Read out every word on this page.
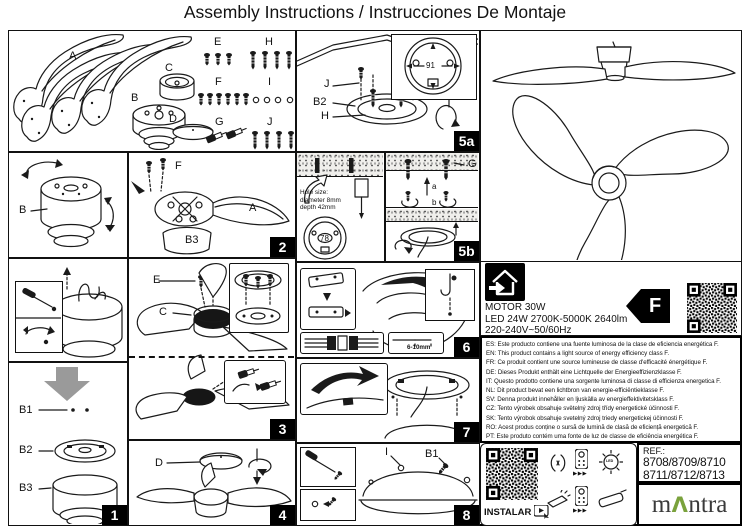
Assembly Instructions / Instrucciones De Montaje
A
B
C
D
E
F
G
H
I
J
91
J
B2
H
5a
B
B1
B2
B3
1
F
A
B3	2
E
C
3
D
4
Hole size:
diameter 8mm
depth 42mm
78
G
a
b
5b
6-10mm	6
7
I	B1
8
MOTOR 30W
LED 24W 2700K-5000K 2640lm
220-240V~50/60Hz
F
ES: Este producto contiene una fuente luminosa de la clase de eficiencia energética F.
EN: This product contains a light source of energy efficiency class F.
FR: Ce produit contient une source lumineuse de classe d'efficacité énergétique F.
DE: Dieses Produkt enthält eine Lichtquelle der Energieeffizienzklasse F.
IT: Questo prodotto contiene una sorgente luminosa di classe di efficienza energetica F.
NL: Dit product bevat een lichtbron van energie-efficiëntieklasse F.
SV: Denna produkt innehåller en ljuskälla av energieffektivitetsklass F.
CZ: Tento výrobek obsahuje světelný zdroj třídy energetické účinnosti F.
SK: Tento výrobok obsahuje svetelný zdroj triedy energetickej účinnosti F.
RO: Acest produs conține o sursă de lumină de clasă de eficiență energetică F.
PT: Este produto contém uma fonte de luz de classe de eficiência energética F.
INSTALAR
▶▶▶
LED
▶▶▶
REF.:
8708/8709/8710
8711/8712/8713
m Λ ntra
